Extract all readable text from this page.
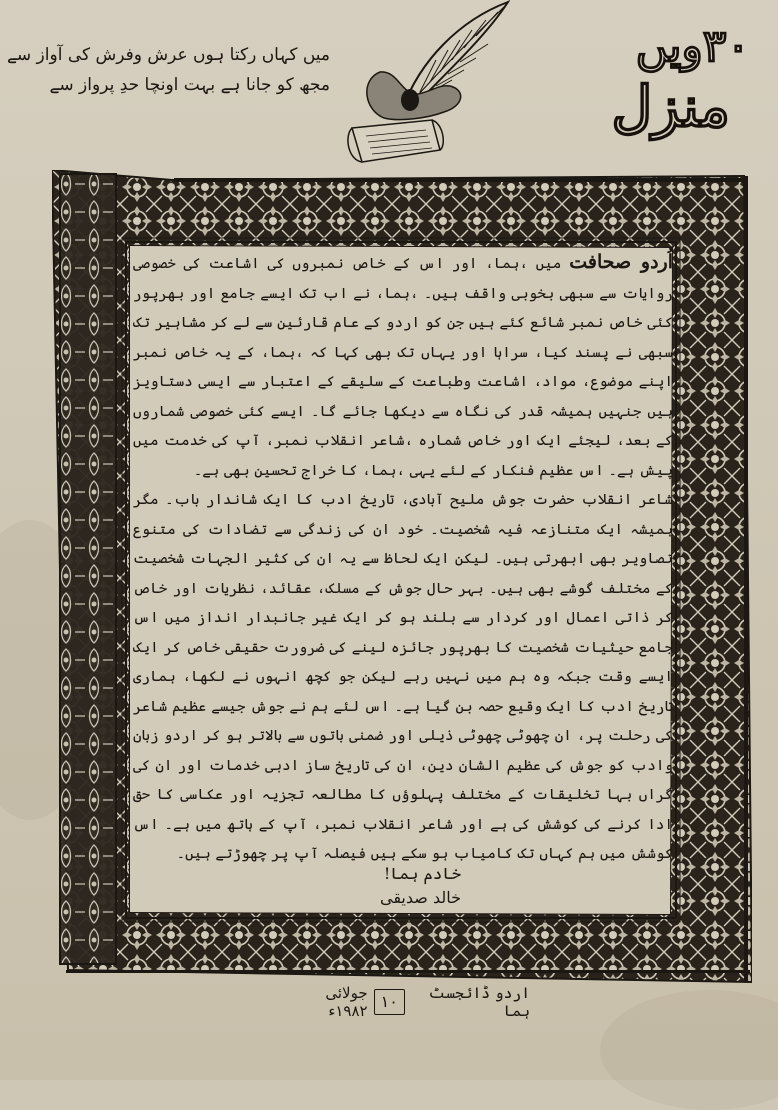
میں کہاں رکتا ہوں عرش وفرش کی آواز سے
مجھ کو جانا ہے بہت اونچا حدِ پرواز سے
۳۰ویں
منزل

اُردو صحافت میں ،ہما، اور اس کے خاص نمبروں کی اشاعت کی خصوصی روایات سے سبھی بخوبی واقف ہیں۔ ،ہما، نے اب تک ایسے جامع اور بھرپور کئی خاص نمبر شائع کئے ہیں جن کو اردو کے عام قارئین سے لے کر مشاہیر تک سبھی نے پسند کیا، سراہا اور یہاں تک بھی کہا کہ ،ہما، کے یہ خاص نمبر اپنے موضوع، مواد، اشاعت وطباعت کے سلیقے کے اعتبار سے ایسی دستاویز ہیں جنہیں ہمیشہ قدر کی نگاہ سے دیکھا جائے گا۔ ایسے کئی خصوصی شماروں کے بعد، لیجئے ایک اور خاص شمارہ ،شاعر انقلاب نمبر، آپ کی خدمت میں پیش ہے۔ اس عظیم فنکار کے لئے یہی ،ہما، کا خراج تحسین بھی ہے۔

شاعر انقلاب حضرت جوش ملیح آبادی، تاریخ ادب کا ایک شاندار باب۔ مگر ہمیشہ ایک متنازعہ فیہ شخصیت۔ خود ان کی زندگی سے تضادات کی متنوع تصاویر بھی ابھرتی ہیں۔ لیکن ایک لحاظ سے یہ ان کی کثیر الجہات شخصیت کے مختلف گوشے بھی ہیں۔ بہر حال جوش کے مسلک، عقائد، نظریات اور خاص کر ذاتی اعمال اور کردار سے بلند ہو کر ایک غیر جانبدار انداز میں اس جامع حیثیات شخصیت کا بھرپور جائزہ لینے کی ضرورت حقیقی خاص کر ایک ایسے وقت جبکہ وہ ہم میں نہیں رہے لیکن جو کچھ انہوں نے لکھا، ہماری تاریخ ادب کا ایک وقیع حصہ بن گیا ہے۔ اس لئے ہم نے جوش جیسے عظیم شاعر کی رحلت پر، ان چھوٹی چھوٹی ذیلی اور ضمنی باتوں سے بالاتر ہو کر اردو زبان وادب کو جوش کی عظیم الشان دین، ان کی تاریخ ساز ادبی خدمات اور ان کی گراں بہا تخلیقات کے مختلف پہلوؤں کا مطالعہ تجزیہ اور عکاسی کا حق ادا کرنے کی کوشش کی ہے اور شاعر انقلاب نمبر، آپ کے ہاتھ میں ہے۔ اس کوشش میں ہم کہاں تک کامیاب ہو سکے ہیں فیصلہ آپ پر چھوڑتے ہیں۔

خادم ہما!
خالد صدیقی
اردو ڈائجسٹ ہما
۱۰
جولائی ۱۹۸۲ء
